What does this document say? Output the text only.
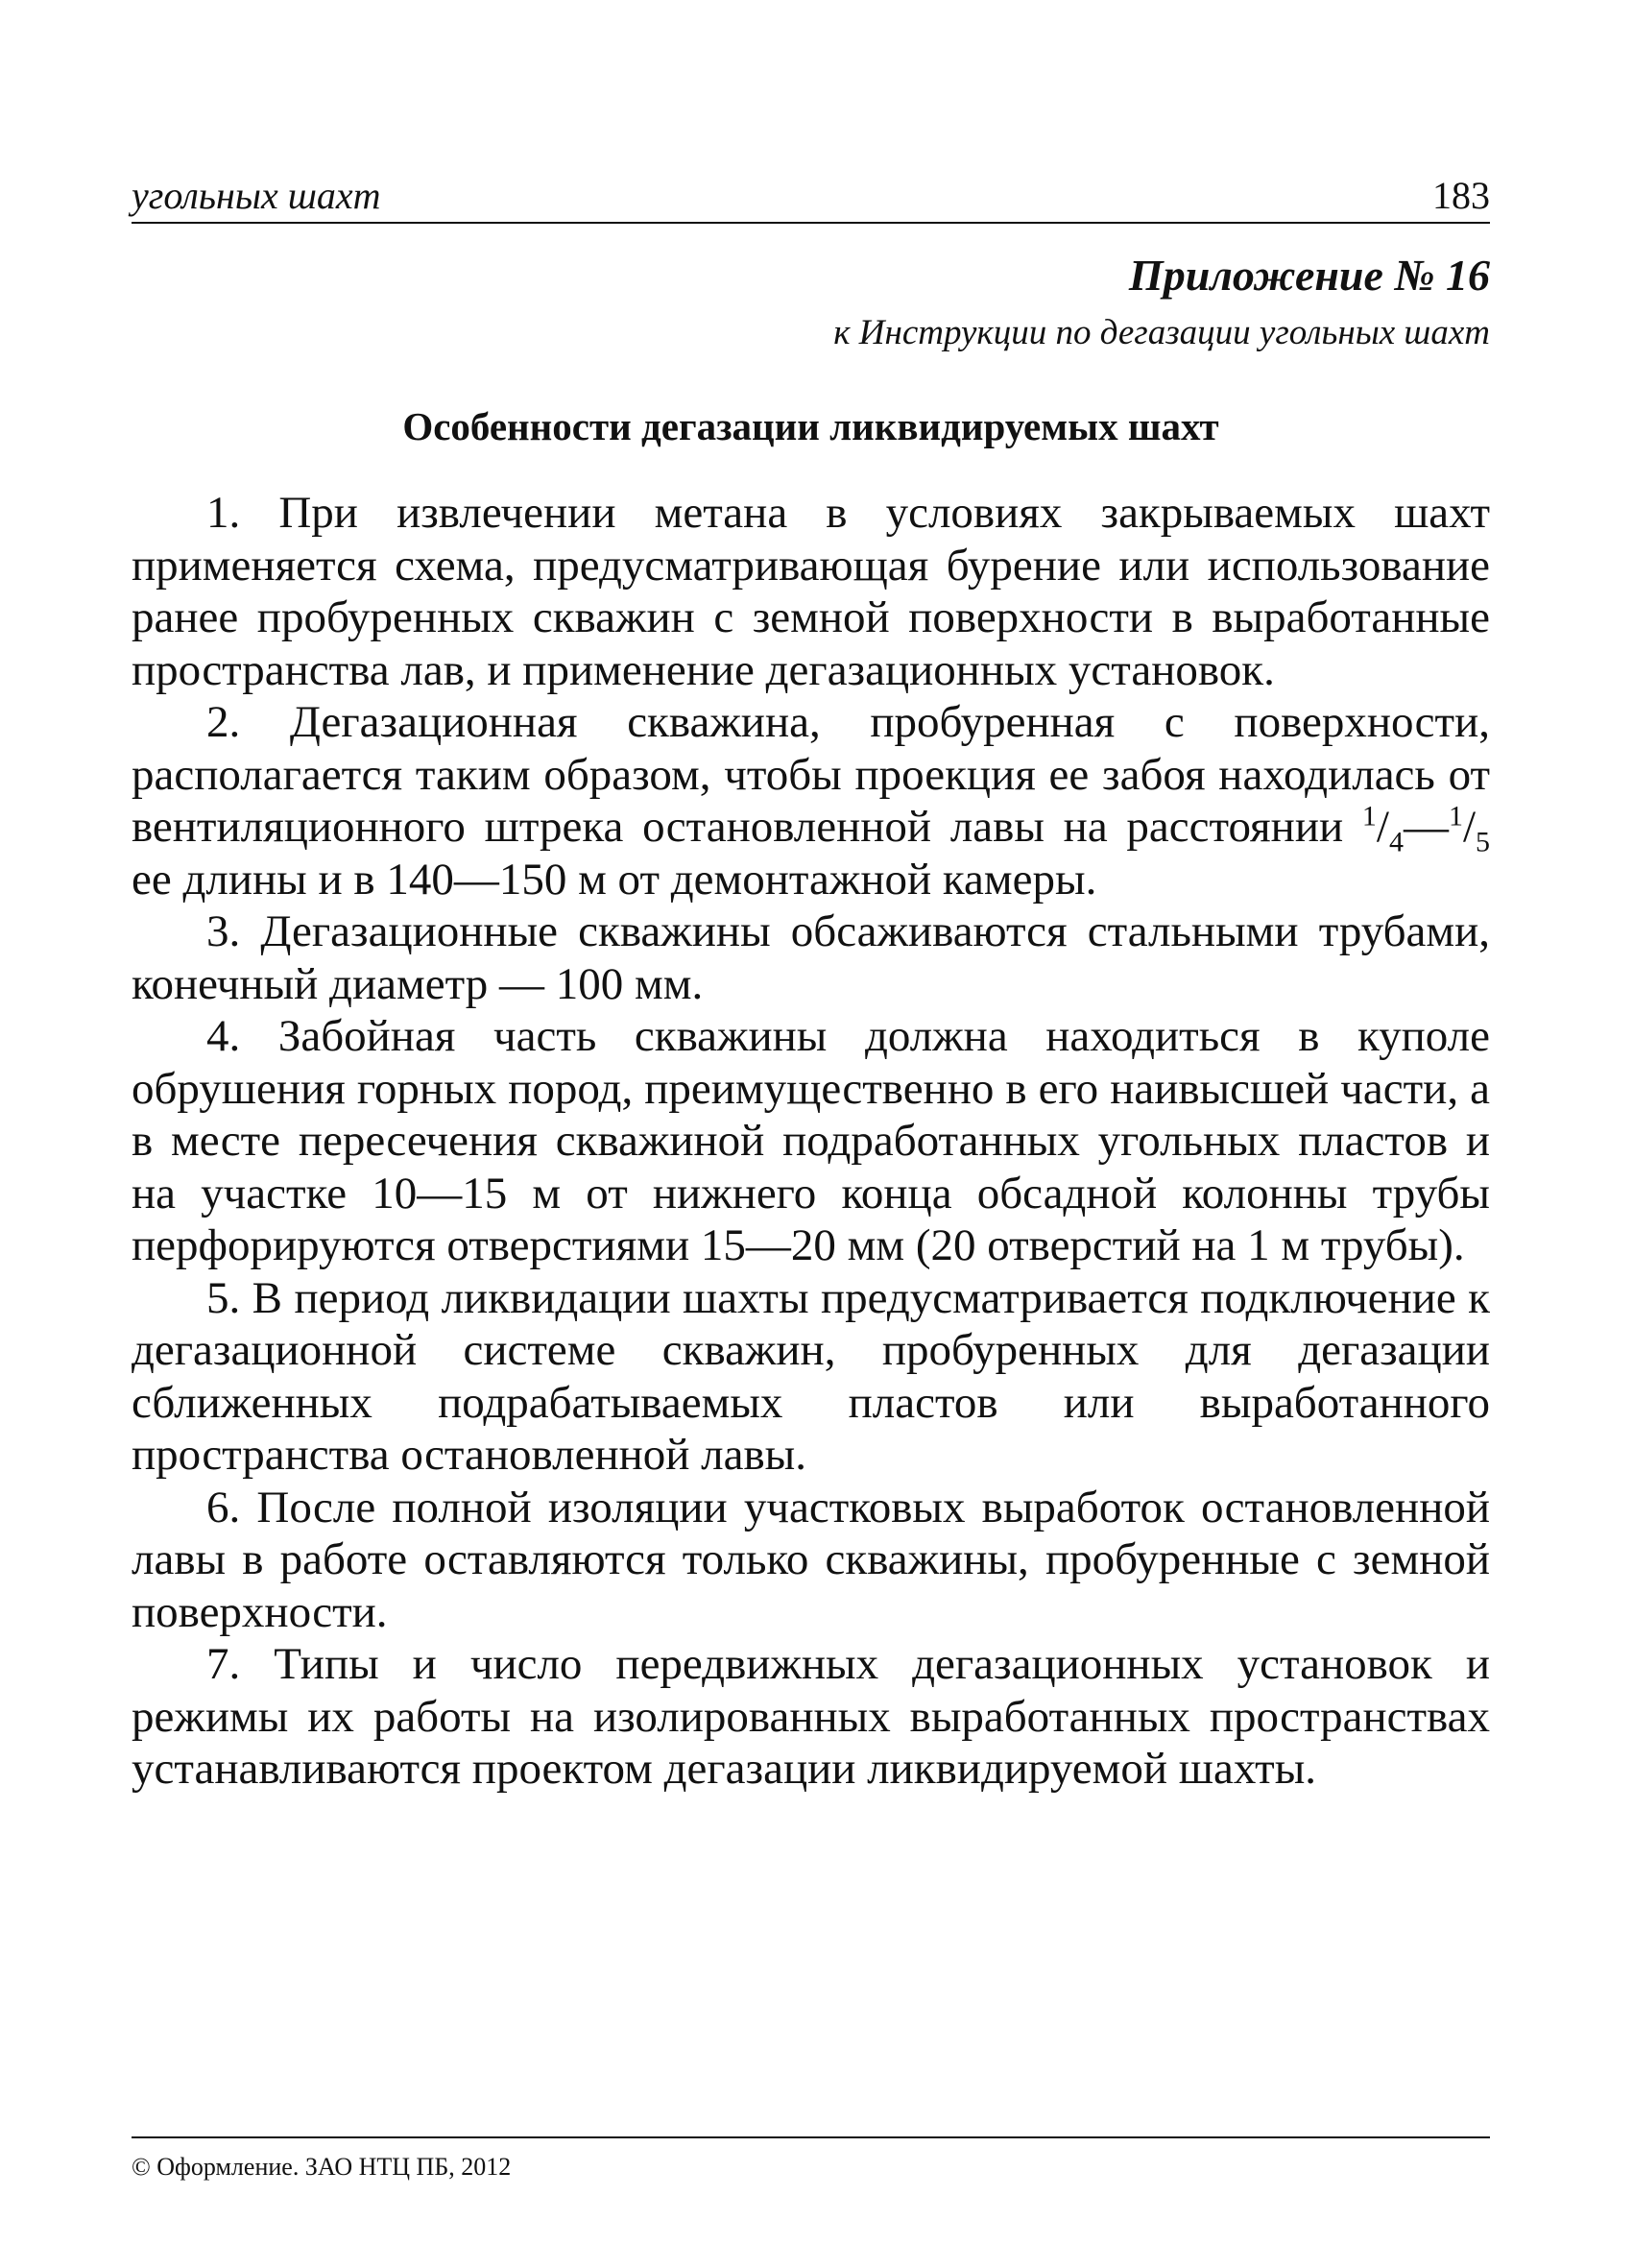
угольных шахт	183
Приложение № 16
к Инструкции по дегазации угольных шахт
Особенности дегазации ликвидируемых шахт

1. При извлечении метана в условиях закрываемых шахт применяется схема, предусматривающая бурение или использование ранее пробуренных скважин с земной поверхности в выработанные пространства лав, и применение дегазационных установок.

2. Дегазационная скважина, пробуренная с поверхности, располагается таким образом, чтобы проекция ее забоя находилась от вентиляционного штрека остановленной лавы на расстоянии $^1/_4—^1/_5$ ее длины и в 140—150 м от демонтажной камеры.

3. Дегазационные скважины обсаживаются стальными трубами, конечный диаметр — 100 мм.

4. Забойная часть скважины должна находиться в куполе обрушения горных пород, преимущественно в его наивысшей части, а в месте пересечения скважиной подработанных угольных пластов и на участке 10—15 м от нижнего конца обсадной колонны трубы перфорируются отверстиями 15—20 мм (20 отверстий на 1 м трубы).

5. В период ликвидации шахты предусматривается подключение к дегазационной системе скважин, пробуренных для дегазации сближенных подрабатываемых пластов или выработанного пространства остановленной лавы.

6. После полной изоляции участковых выработок остановленной лавы в работе оставляются только скважины, пробуренные с земной поверхности.

7. Типы и число передвижных дегазационных установок и режимы их работы на изолированных выработанных пространствах устанавливаются проектом дегазации ликвидируемой шахты.

© Оформление. ЗАО НТЦ ПБ, 2012
